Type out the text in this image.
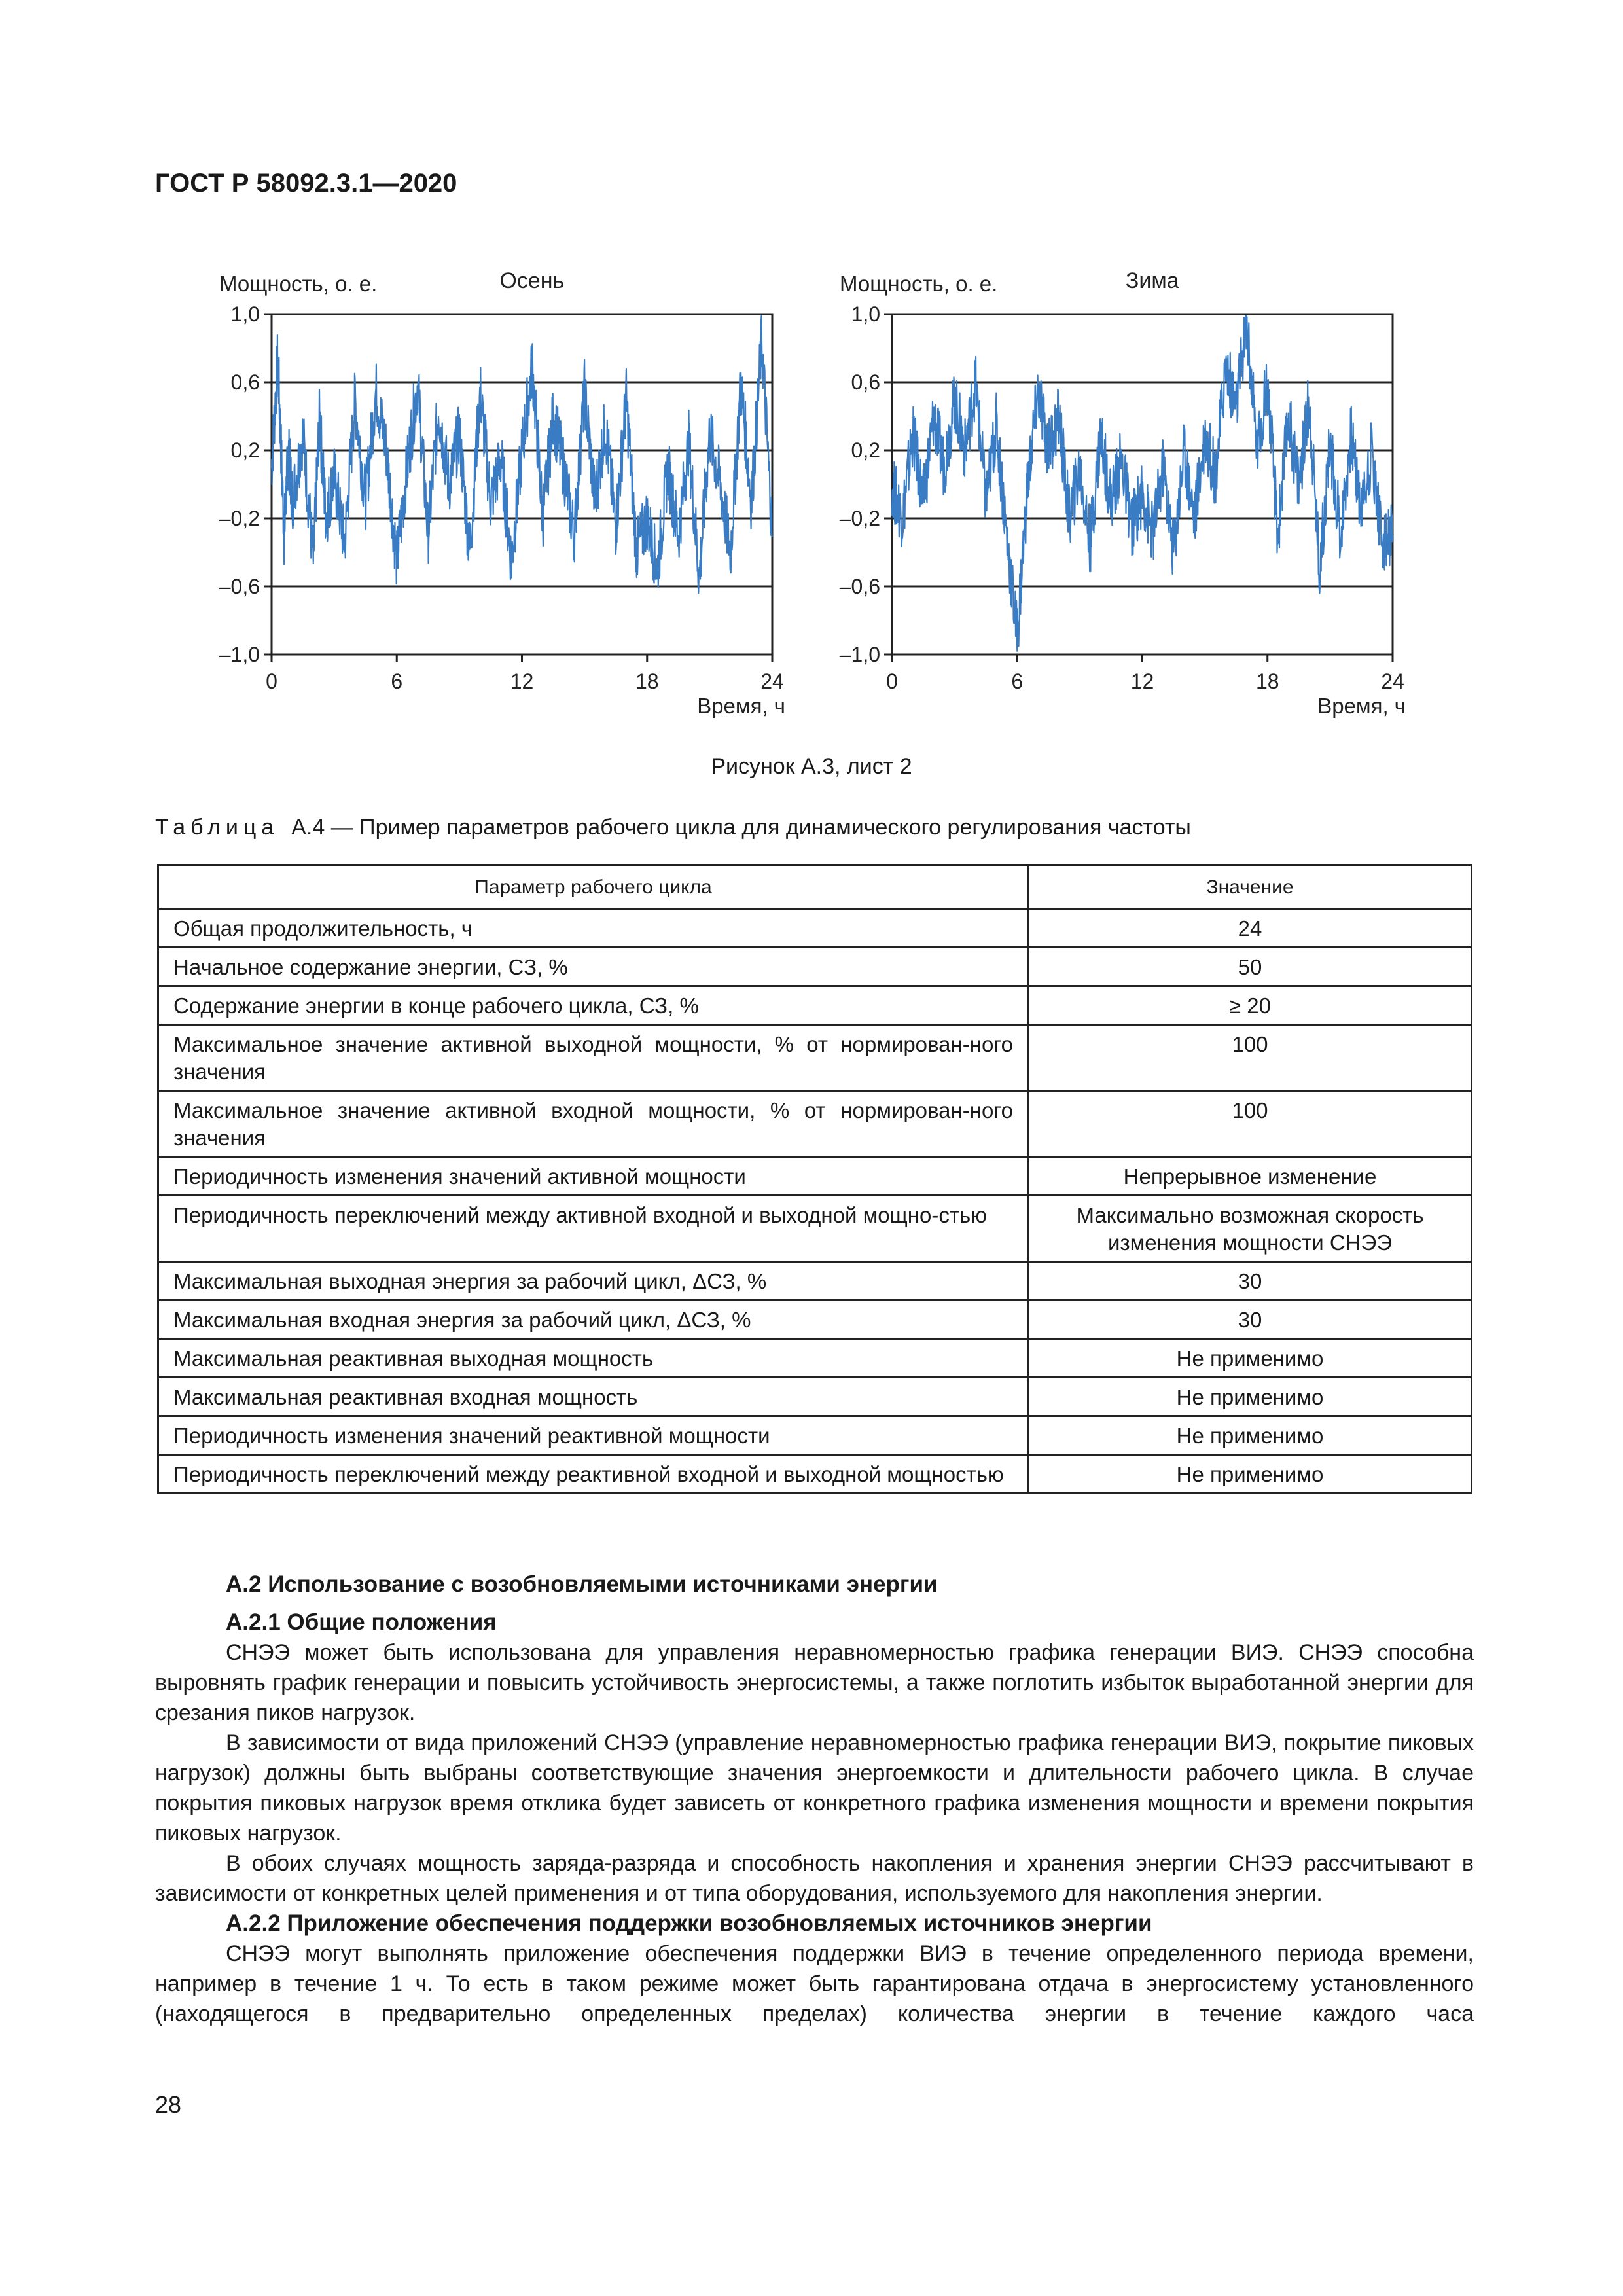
ГОСТ Р 58092.3.1—2020
1,0
0,6
0,2
–0,2
–0,6
–1,0
0	6	12	18	24
Мощность, о. е.	Осень
Время, ч
1,0
0,6
0,2
–0,2
–0,6
–1,0
0	6	12	18	24
Мощность, о. е.	Зима
Время, ч
Рисунок А.3, лист 2
Таблица А.4 — Пример параметров рабочего цикла для динамического регулирования частоты
Параметр рабочего цикла	Значение
Общая продолжительность, ч	24
Начальное содержание энергии, СЗ, %	50
Содержание энергии в конце рабочего цикла, СЗ, %	≥ 20
Максимальное значение активной выходной мощности, % от нормирован-ного значения	100
Максимальное значение активной входной мощности, % от нормирован-ного значения	100
Периодичность изменения значений активной мощности	Непрерывное изменение
Периодичность переключений между активной входной и выходной мощно-стью	Максимально возможная скорость изменения мощности СНЭЭ
Максимальная выходная энергия за рабочий цикл, ΔСЗ, %	30
Максимальная входная энергия за рабочий цикл, ΔСЗ, %	30
Максимальная реактивная выходная мощность	Не применимо
Максимальная реактивная входная мощность	Не применимо
Периодичность изменения значений реактивной мощности	Не применимо
Периодичность переключений между реактивной входной и выходной мощностью	Не применимо
А.2 Использование с возобновляемыми источниками энергии
А.2.1 Общие положения

СНЭЭ может быть использована для управления неравномерностью графика генерации ВИЭ. СНЭЭ способна выровнять график генерации и повысить устойчивость энергосистемы, а также поглотить избыток выработанной энергии для срезания пиков нагрузок.

В зависимости от вида приложений СНЭЭ (управление неравномерностью графика генерации ВИЭ, покрытие пиковых нагрузок) должны быть выбраны соответствующие значения энергоемкости и длительности рабочего цикла. В случае покрытия пиковых нагрузок время отклика будет зависеть от конкретного графика изменения мощности и времени покрытия пиковых нагрузок.

В обоих случаях мощность заряда-разряда и способность накопления и хранения энергии СНЭЭ рассчитывают в зависимости от конкретных целей применения и от типа оборудования, используемого для накопления энергии.

А.2.2 Приложение обеспечения поддержки возобновляемых источников энергии

СНЭЭ могут выполнять приложение обеспечения поддержки ВИЭ в течение определенного периода времени, например в течение 1 ч. То есть в таком режиме может быть гарантирована отдача в энергосистему установленного (находящегося в предварительно определенных пределах) количества энергии в течение каждого часа

28
